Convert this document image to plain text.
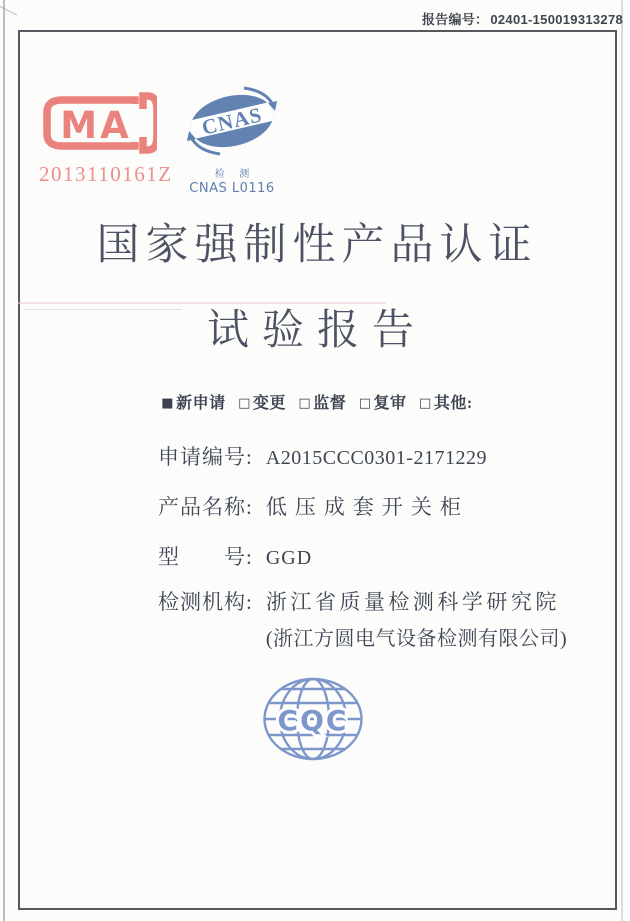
报告编号： 02401-150019313278
MA
2013110161Z
CNAS
检 测
CNAS L0116
国家强制性产品认证
试验报告
■ 新申请 □ 变更 □ 监督 □ 复审 □ 其他:
申请编号: A2015CCC0301-2171229
产品名称: 低压成套开关柜
型　　号: GGD
检测机构: 浙江省质量检测科学研究院
(浙江方圆电气设备检测有限公司)
CQC
